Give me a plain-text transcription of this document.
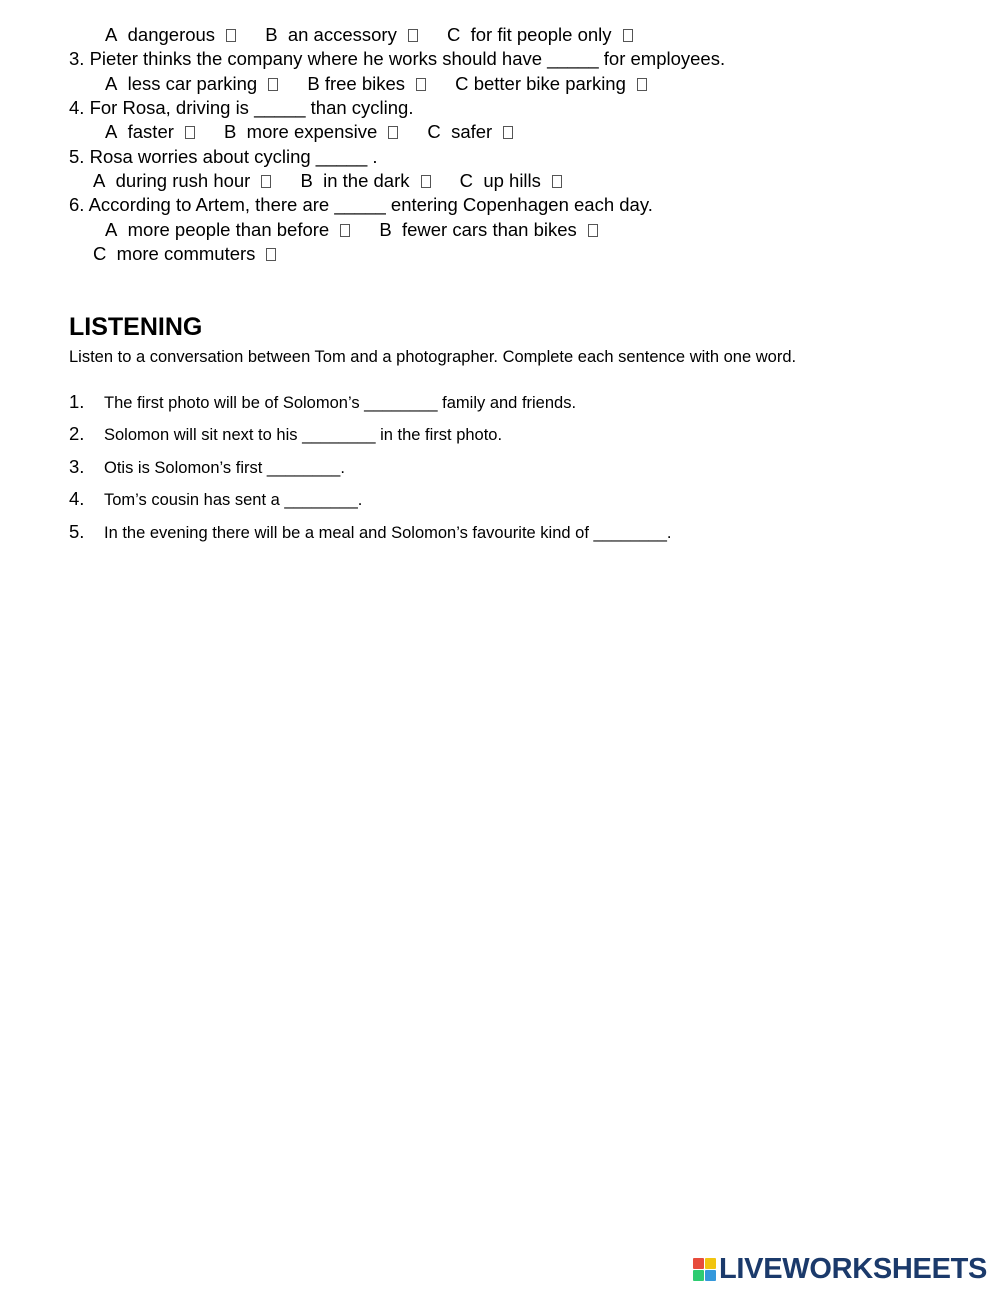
A dangerous	B an accessory	C for fit people only
3. Pieter thinks the company where he works should have _____ for employees.
A less car parking	B free bikes	C better bike parking
4. For Rosa, driving is _____ than cycling.
A faster	B more expensive	C safer
5. Rosa worries about cycling _____ .
A during rush hour	B in the dark	C up hills
6. According to Artem, there are _____ entering Copenhagen each day.
A more people than before	B fewer cars than bikes
C more commuters
LISTENING
Listen to a conversation between Tom and a photographer. Complete each sentence with one word.
1. The first photo will be of Solomon’s ________ family and friends.
2. Solomon will sit next to his ________ in the first photo.
3. Otis is Solomon’s first ________.
4. Tom’s cousin has sent a ________.
5. In the evening there will be a meal and Solomon’s favourite kind of ________.
LIVEWORKSHEETS
